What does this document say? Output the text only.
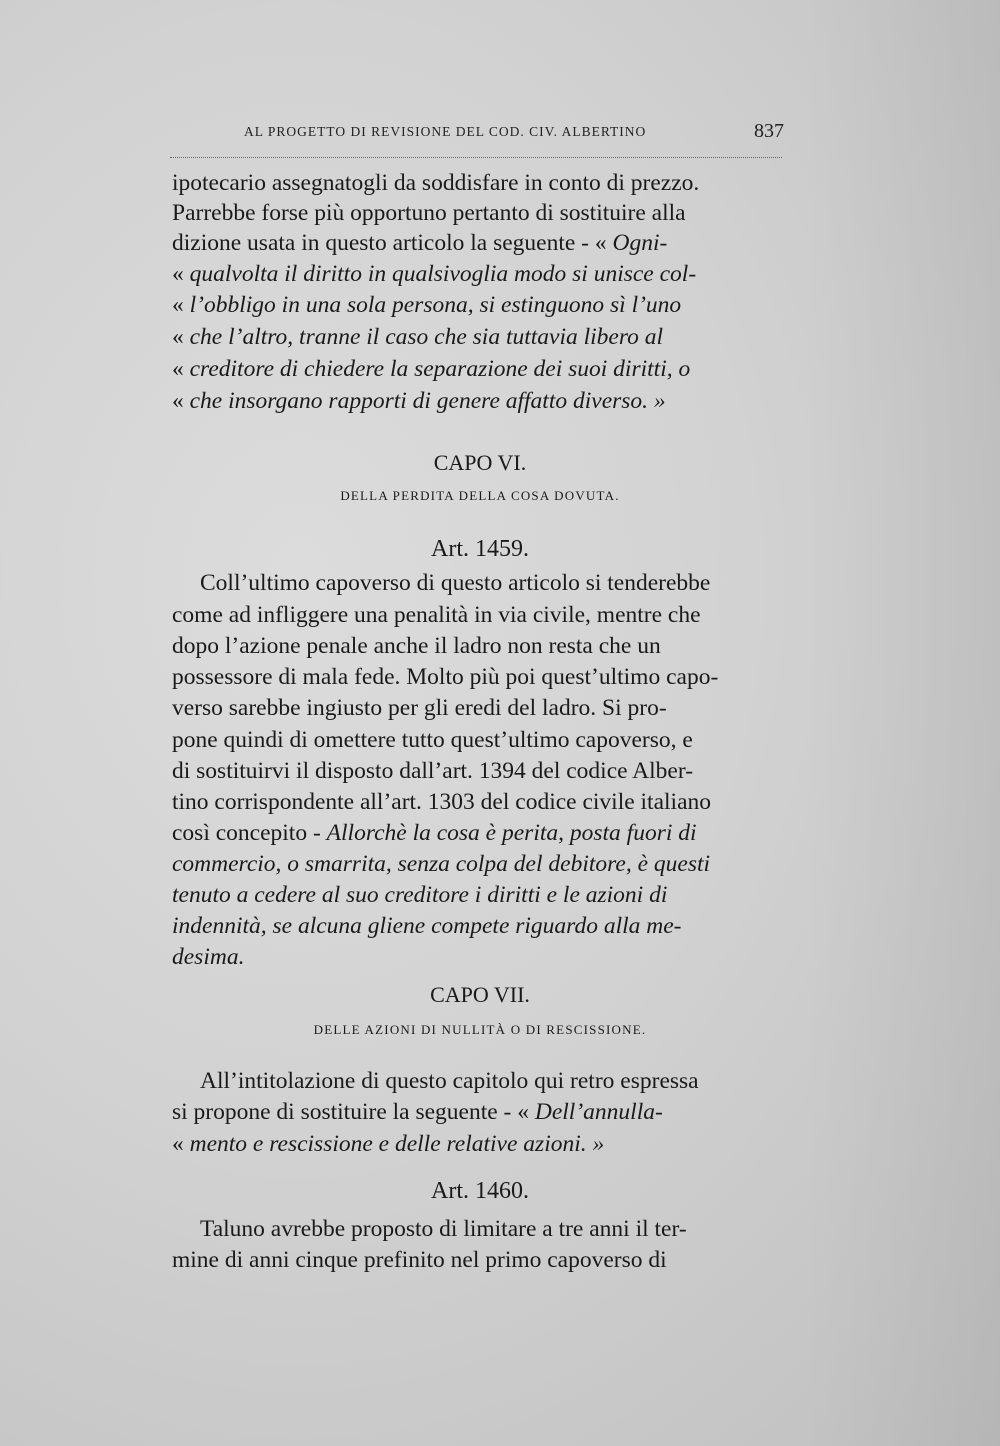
AL PROGETTO DI REVISIONE DEL COD. CIV. ALBERTINO	837
ipotecario assegnatogli da soddisfare in conto di prezzo.
Parrebbe forse più opportuno pertanto di sostituire alla
dizione usata in questo articolo la seguente - « Ogni-
« qualvolta il diritto in qualsivoglia modo si unisce col-
« l’obbligo in una sola persona, si estinguono sì l’uno
« che l’altro, tranne il caso che sia tuttavia libero al
« creditore di chiedere la separazione dei suoi diritti, o
« che insorgano rapporti di genere affatto diverso. »
CAPO VI.
DELLA PERDITA DELLA COSA DOVUTA.
Art. 1459.
Coll’ultimo capoverso di questo articolo si tenderebbe
come ad infliggere una penalità in via civile, mentre che
dopo l’azione penale anche il ladro non resta che un
possessore di mala fede. Molto più poi quest’ultimo capo-
verso sarebbe ingiusto per gli eredi del ladro. Si pro-
pone quindi di omettere tutto quest’ultimo capoverso, e
di sostituirvi il disposto dall’art. 1394 del codice Alber-
tino corrispondente all’art. 1303 del codice civile italiano
così concepito - Allorchè la cosa è perita, posta fuori di
commercio, o smarrita, senza colpa del debitore, è questi
tenuto a cedere al suo creditore i diritti e le azioni di
indennità, se alcuna gliene compete riguardo alla me-
desima.
CAPO VII.
DELLE AZIONI DI NULLITÀ O DI RESCISSIONE.
All’intitolazione di questo capitolo qui retro espressa
si propone di sostituire la seguente - « Dell’annulla-
« mento e rescissione e delle relative azioni. »
Art. 1460.
Taluno avrebbe proposto di limitare a tre anni il ter-
mine di anni cinque prefinito nel primo capoverso di
